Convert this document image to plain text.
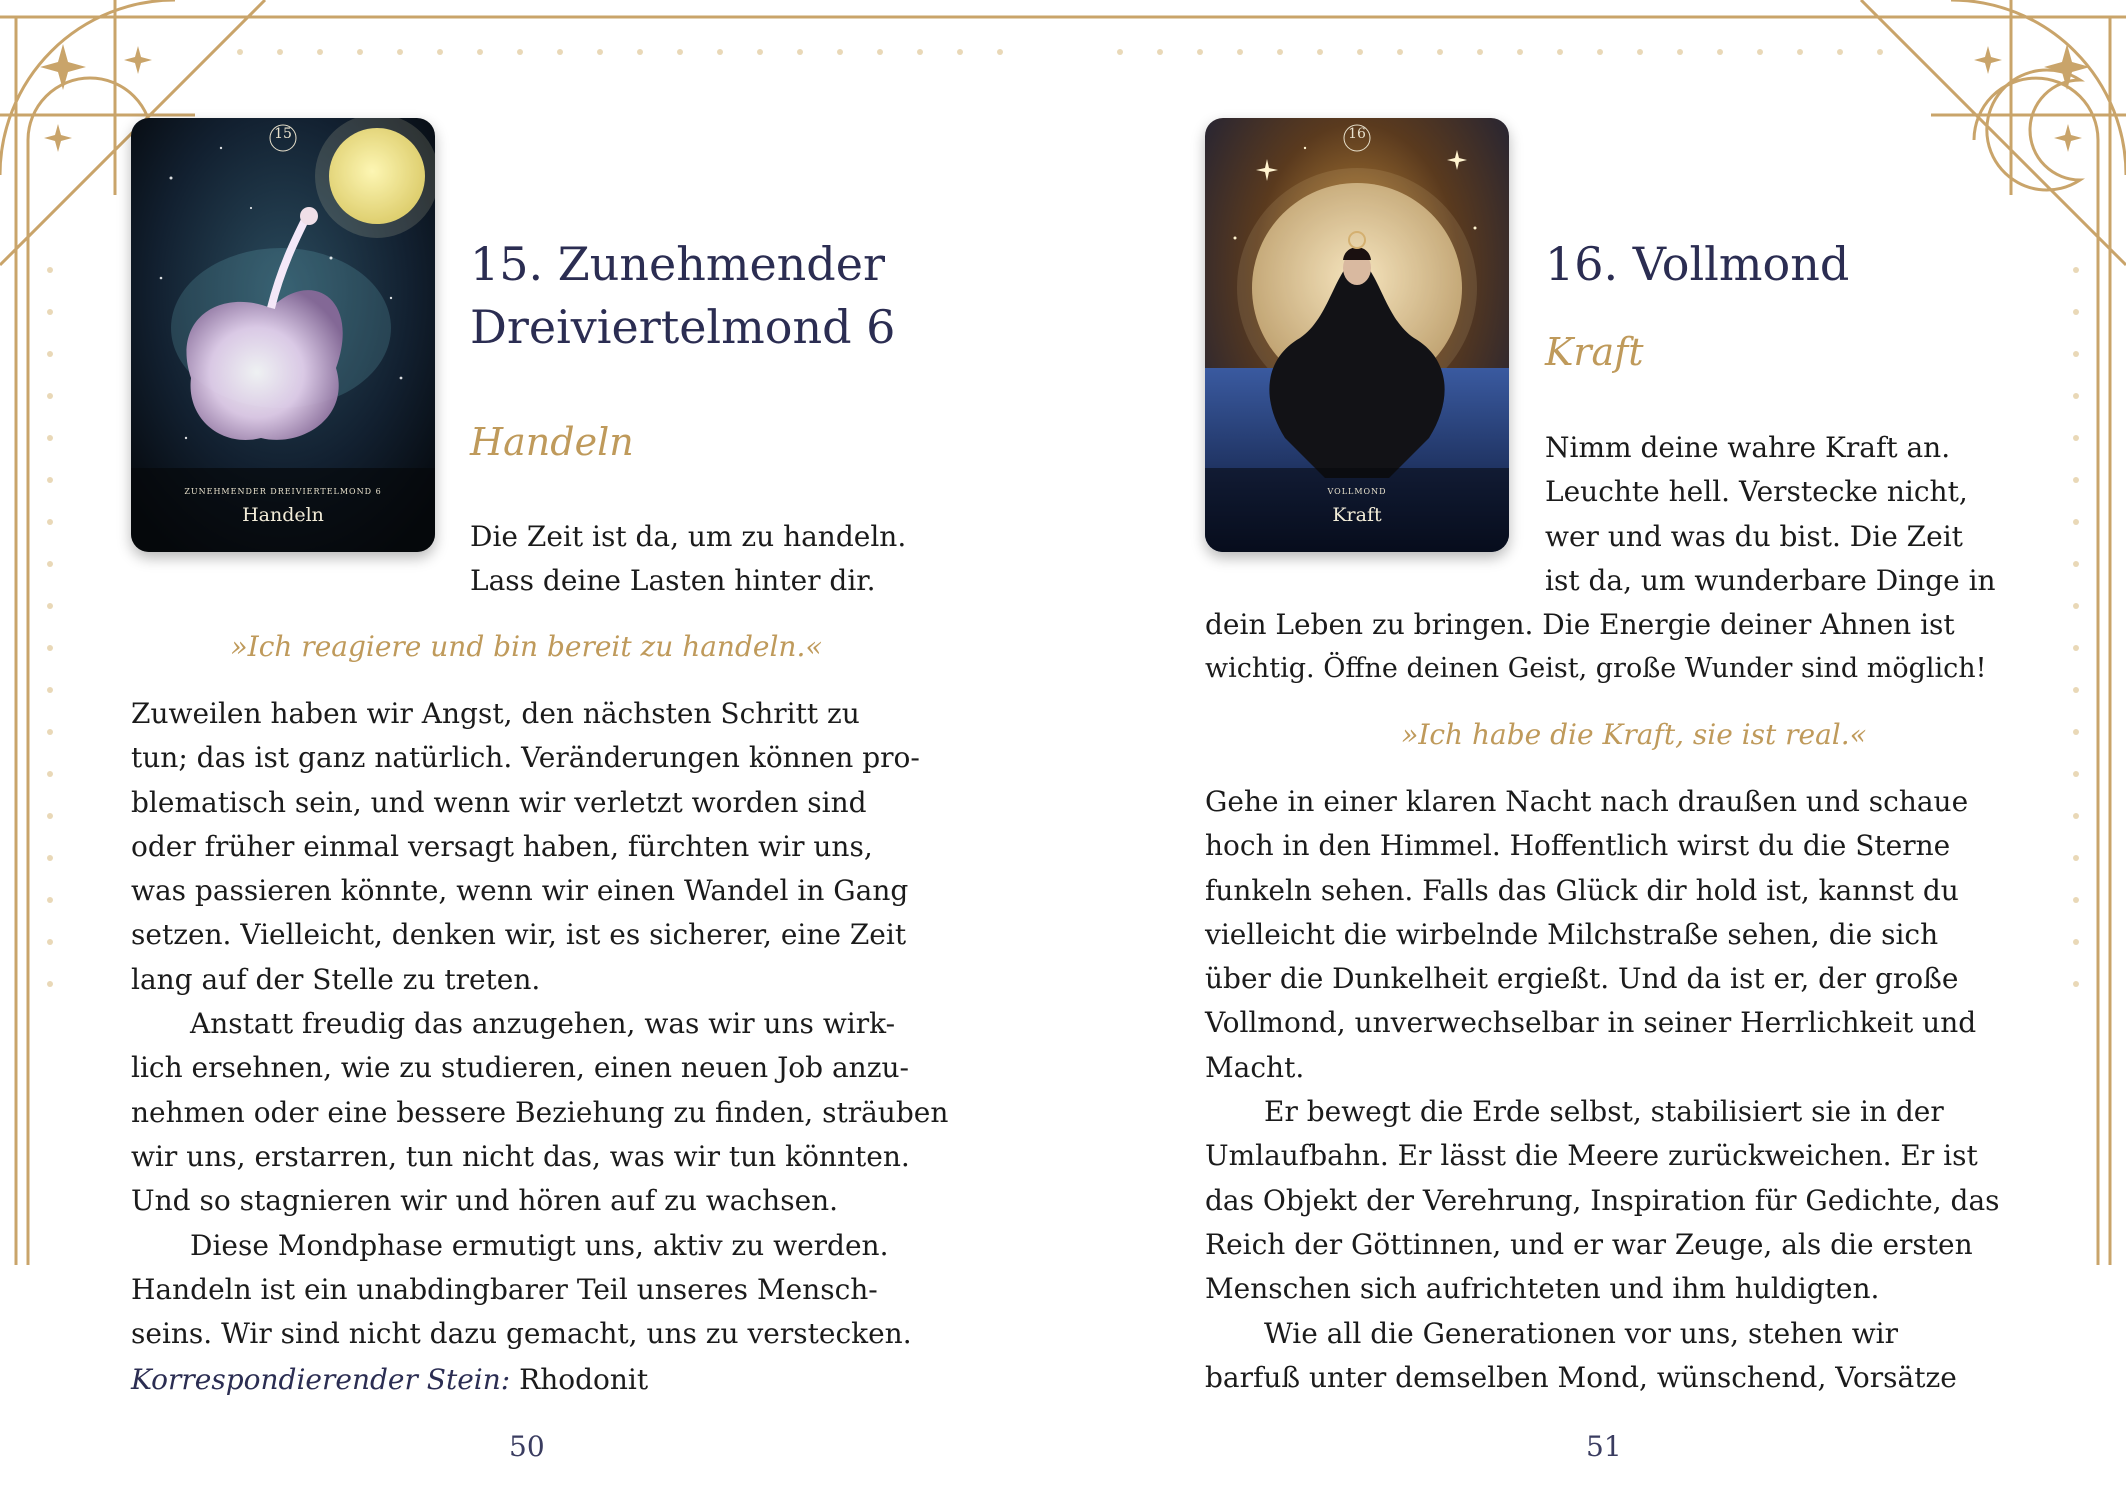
15
ZUNEHMENDER DREIVIERTELMOND 6
Handeln
15. Zunehmender
Dreiviertelmond 6
Handeln

Die Zeit ist da, um zu handeln.

Lass deine Lasten hinter dir.

»Ich reagiere und bin bereit zu handeln.«

Zuweilen haben wir Angst, den nächsten Schritt zu

tun; das ist ganz natürlich. Veränderungen können pro-

blematisch sein, und wenn wir verletzt worden sind

oder früher einmal versagt haben, fürchten wir uns,

was passieren könnte, wenn wir einen Wandel in Gang

setzen. Vielleicht, denken wir, ist es sicherer, eine Zeit

lang auf der Stelle zu treten.

Anstatt freudig das anzugehen, was wir uns wirk-

lich ersehnen, wie zu studieren, einen neuen Job anzu-

nehmen oder eine bessere Beziehung zu finden, sträuben

wir uns, erstarren, tun nicht das, was wir tun könnten.

Und so stagnieren wir und hören auf zu wachsen.

Diese Mondphase ermutigt uns, aktiv zu werden.

Handeln ist ein unabdingbarer Teil unseres Mensch-

seins. Wir sind nicht dazu gemacht, uns zu verstecken.

Korrespondierender Stein: Rhodonit
50
16
VOLLMOND
Kraft
16. Vollmond
Kraft

Nimm deine wahre Kraft an.

Leuchte hell. Verstecke nicht,

wer und was du bist. Die Zeit

ist da, um wunderbare Dinge in

dein Leben zu bringen. Die Energie deiner Ahnen ist

wichtig. Öffne deinen Geist, große Wunder sind möglich!

»Ich habe die Kraft, sie ist real.«

Gehe in einer klaren Nacht nach draußen und schaue

hoch in den Himmel. Hoffentlich wirst du die Sterne

funkeln sehen. Falls das Glück dir hold ist, kannst du

vielleicht die wirbelnde Milchstraße sehen, die sich

über die Dunkelheit ergießt. Und da ist er, der große

Vollmond, unverwechselbar in seiner Herrlichkeit und

Macht.

Er bewegt die Erde selbst, stabilisiert sie in der

Umlaufbahn. Er lässt die Meere zurückweichen. Er ist

das Objekt der Verehrung, Inspiration für Gedichte, das

Reich der Göttinnen, und er war Zeuge, als die ersten

Menschen sich aufrichteten und ihm huldigten.

Wie all die Generationen vor uns, stehen wir

barfuß unter demselben Mond, wünschend, Vorsätze

51
